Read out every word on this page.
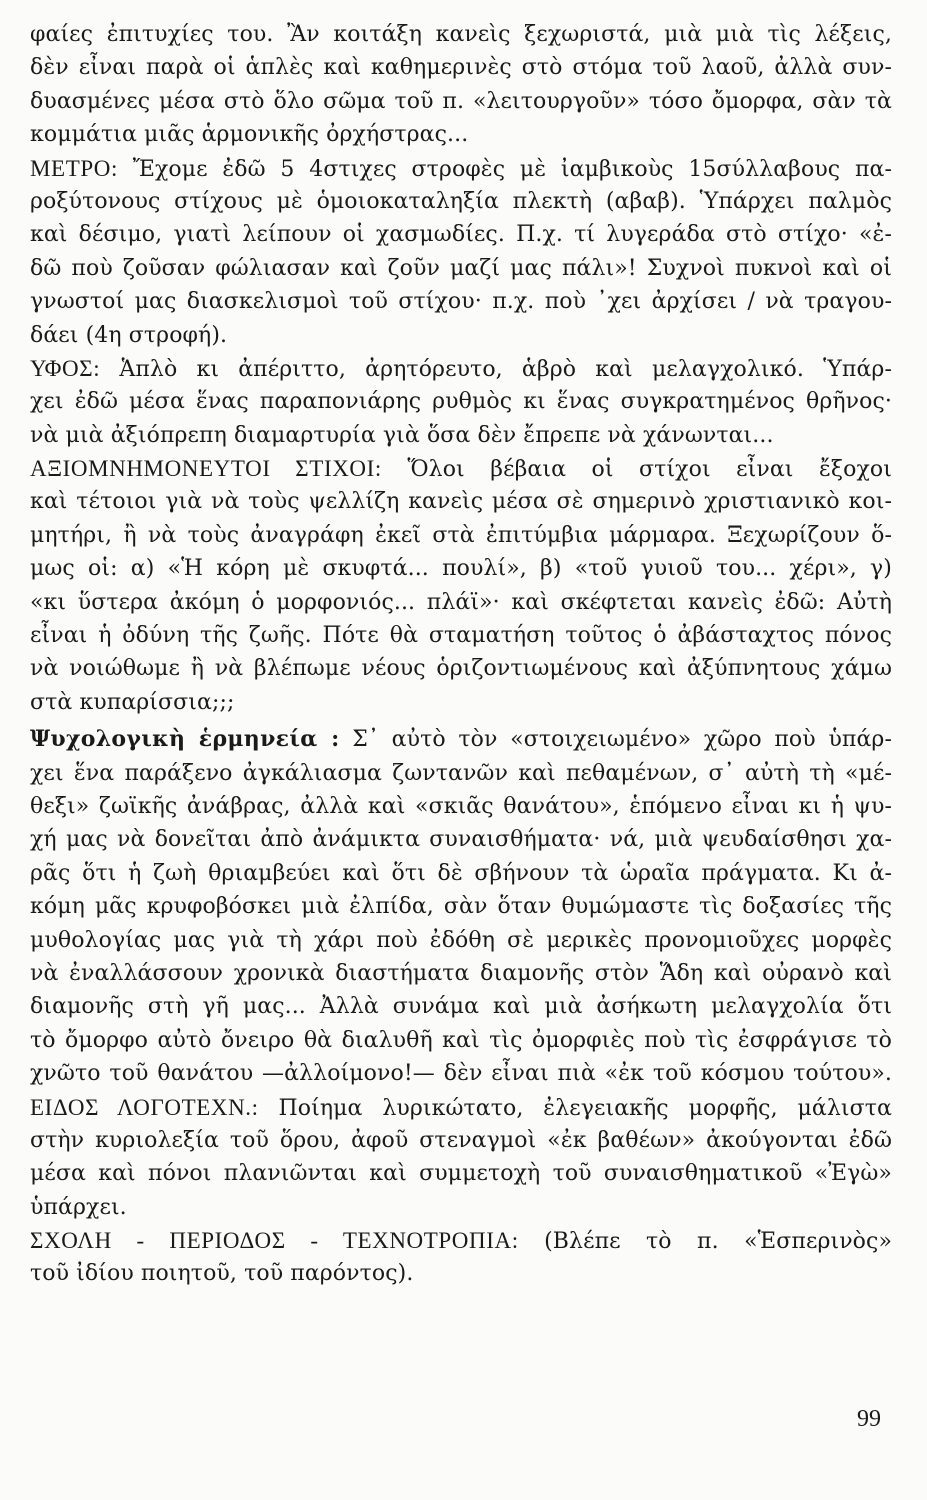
φαίες ἐπιτυχίες του. Ἂν κοιτάξη κανεὶς ξεχωριστά, μιὰ μιὰ τὶς λέξεις,
δὲν εἶναι παρὰ οἱ ἁπλὲς καὶ καθημερινὲς στὸ στόμα τοῦ λαοῦ, ἀλλὰ συν-
δυασμένες μέσα στὸ ὅλο σῶμα τοῦ π. «λειτουργοῦν» τόσο ὄμορφα, σὰν τὰ
κομμάτια μιᾶς ἁρμονικῆς ὀρχήστρας...
ΜΕΤΡΟ: Ἔχομε ἐδῶ 5 4στιχες στροφὲς μὲ ἰαμβικοὺς 15σύλλαβους πα-
ροξύτονους στίχους μὲ ὁμοιοκαταληξία πλεκτὴ (αβαβ). Ὑπάρχει παλμὸς
καὶ δέσιμο, γιατὶ λείπουν οἱ χασμωδίες. Π.χ. τί λυγεράδα στὸ στίχο· «ἐ-
δῶ ποὺ ζοῦσαν φώλιασαν καὶ ζοῦν μαζί μας πάλι»! Συχνοὶ πυκνοὶ καὶ οἱ
γνωστοί μας διασκελισμοὶ τοῦ στίχου· π.χ. ποὺ ᾿χει ἀρχίσει / νὰ τραγου-
δάει (4η στροφή).
ΥΦΟΣ: Ἁπλὸ κι ἀπέριττο, ἀρητόρευτο, ἁβρὸ καὶ μελαγχολικό. Ὑπάρ-
χει ἐδῶ μέσα ἕνας παραπονιάρης ρυθμὸς κι ἕνας συγκρατημένος θρῆνος·
νὰ μιὰ ἀξιόπρεπη διαμαρτυρία γιὰ ὅσα δὲν ἔπρεπε νὰ χάνωνται...
ΑΞΙΟΜΝΗΜΟΝΕΥΤΟΙ ΣΤΙΧΟΙ: Ὅλοι βέβαια οἱ στίχοι εἶναι ἔξοχοι
καὶ τέτοιοι γιὰ νὰ τοὺς ψελλίζη κανεὶς μέσα σὲ σημερινὸ χριστιανικὸ κοι-
μητήρι, ἢ νὰ τοὺς ἀναγράφη ἐκεῖ στὰ ἐπιτύμβια μάρμαρα. Ξεχωρίζουν ὅ-
μως οἱ: α) «Ἡ κόρη μὲ σκυφτά... πουλί», β) «τοῦ γυιοῦ του... χέρι», γ)
«κι ὕστερα ἀκόμη ὁ μορφονιός... πλάϊ»· καὶ σκέφτεται κανεὶς ἐδῶ: Αὐτὴ
εἶναι ἡ ὀδύνη τῆς ζωῆς. Πότε θὰ σταματήση τοῦτος ὁ ἀβάσταχτος πόνος
νὰ νοιώθωμε ἢ νὰ βλέπωμε νέους ὁριζοντιωμένους καὶ ἀξύπνητους χάμω
στὰ κυπαρίσσια;;;
Ψυχολογικὴ ἑρμηνεία : Σ᾿ αὐτὸ τὸν «στοιχειωμένο» χῶρο ποὺ ὑπάρ-
χει ἕνα παράξενο ἀγκάλιασμα ζωντανῶν καὶ πεθαμένων, σ᾿ αὐτὴ τὴ «μέ-
θεξι» ζωϊκῆς ἀνάβρας, ἀλλὰ καὶ «σκιᾶς θανάτου», ἑπόμενο εἶναι κι ἡ ψυ-
χή μας νὰ δονεῖται ἀπὸ ἀνάμικτα συναισθήματα· νά, μιὰ ψευδαίσθησι χα-
ρᾶς ὅτι ἡ ζωὴ θριαμβεύει καὶ ὅτι δὲ σβήνουν τὰ ὡραῖα πράγματα. Κι ἀ-
κόμη μᾶς κρυφοβόσκει μιὰ ἐλπίδα, σὰν ὅταν θυμώμαστε τὶς δοξασίες τῆς
μυθολογίας μας γιὰ τὴ χάρι ποὺ ἐδόθη σὲ μερικὲς προνομιοῦχες μορφὲς
νὰ ἐναλλάσσουν χρονικὰ διαστήματα διαμονῆς στὸν Ἅδη καὶ οὐρανὸ καὶ
διαμονῆς στὴ γῆ μας... Ἀλλὰ συνάμα καὶ μιὰ ἀσήκωτη μελαγχολία ὅτι
τὸ ὄμορφο αὐτὸ ὄνειρο θὰ διαλυθῆ καὶ τὶς ὀμορφιὲς ποὺ τὶς ἐσφράγισε τὸ
χνῶτο τοῦ θανάτου —ἀλλοίμονο!— δὲν εἶναι πιὰ «ἐκ τοῦ κόσμου τούτου».
ΕΙΔΟΣ ΛΟΓΟΤΕΧΝ.: Ποίημα λυρικώτατο, ἐλεγειακῆς μορφῆς, μάλιστα
στὴν κυριολεξία τοῦ ὅρου, ἀφοῦ στεναγμοὶ «ἐκ βαθέων» ἀκούγονται ἐδῶ
μέσα καὶ πόνοι πλανιῶνται καὶ συμμετοχὴ τοῦ συναισθηματικοῦ «Ἐγὼ»
ὑπάρχει.
ΣΧΟΛΗ - ΠΕΡΙΟΔΟΣ - ΤΕΧΝΟΤΡΟΠΙΑ: (Βλέπε τὸ π. «Ἑσπερινὸς»
τοῦ ἰδίου ποιητοῦ, τοῦ παρόντος).
99
